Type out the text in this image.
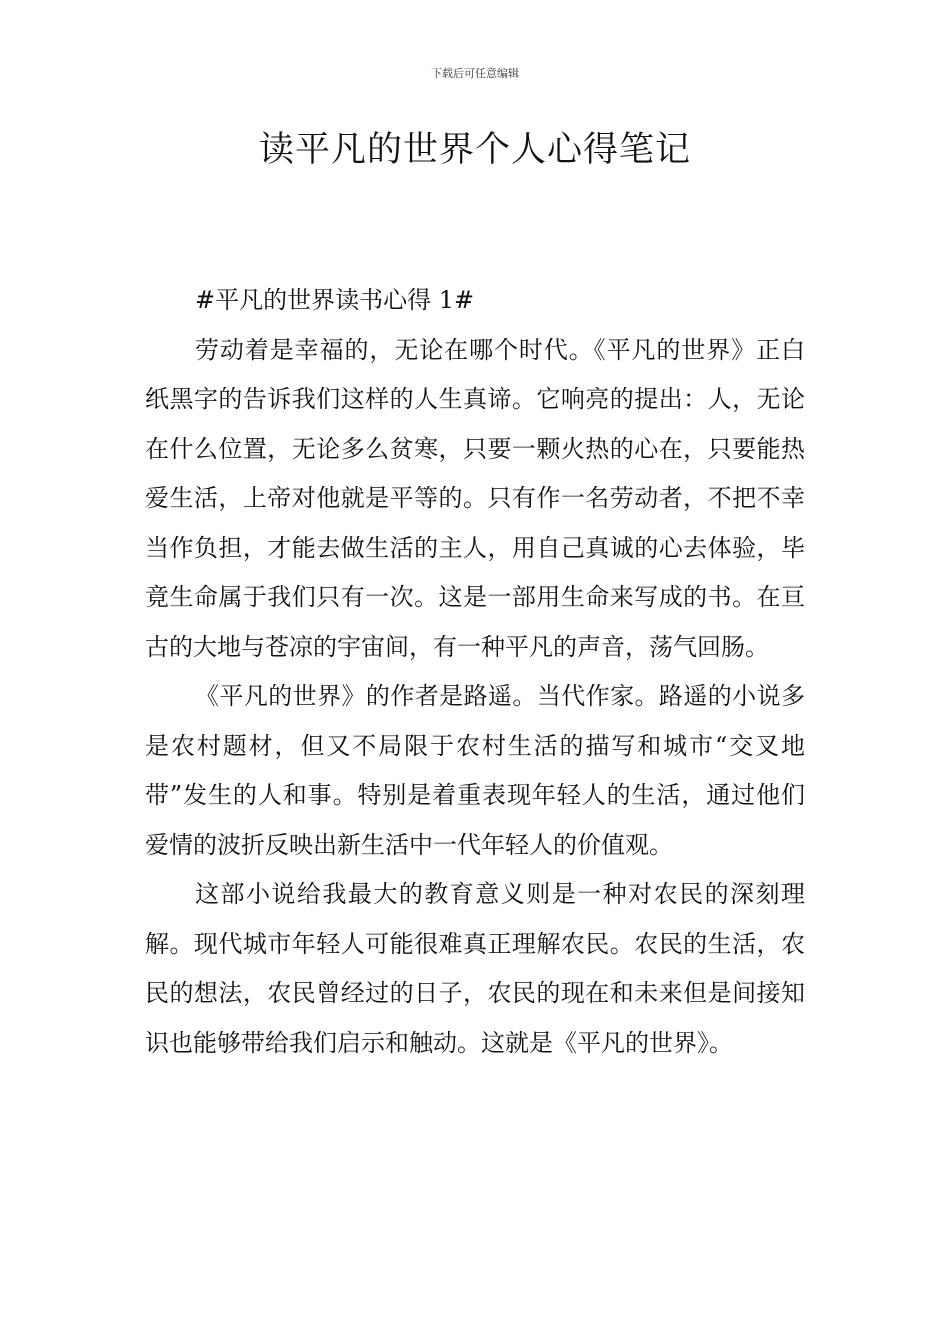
下载后可任意编辑
读平凡的世界个人心得笔记

#平凡的世界读书心得 1#

劳动着是幸福的，无论在哪个时代。《平凡的世界》正白纸黑字的告诉我们这样的人生真谛。它响亮的提出：人，无论在什么位置，无论多么贫寒，只要一颗火热的心在，只要能热爱生活，上帝对他就是平等的。只有作一名劳动者，不把不幸当作负担，才能去做生活的主人，用自己真诚的心去体验，毕竟生命属于我们只有一次。这是一部用生命来写成的书。在亘古的大地与苍凉的宇宙间，有一种平凡的声音，荡气回肠。

《平凡的世界》的作者是路遥。当代作家。路遥的小说多是农村题材，但又不局限于农村生活的描写和城市“交叉地带”发生的人和事。特别是着重表现年轻人的生活，通过他们爱情的波折反映出新生活中一代年轻人的价值观。

这部小说给我最大的教育意义则是一种对农民的深刻理解。现代城市年轻人可能很难真正理解农民。农民的生活，农民的想法，农民曾经过的日子，农民的现在和未来但是间接知识也能够带给我们启示和触动。这就是《平凡的世界》。
